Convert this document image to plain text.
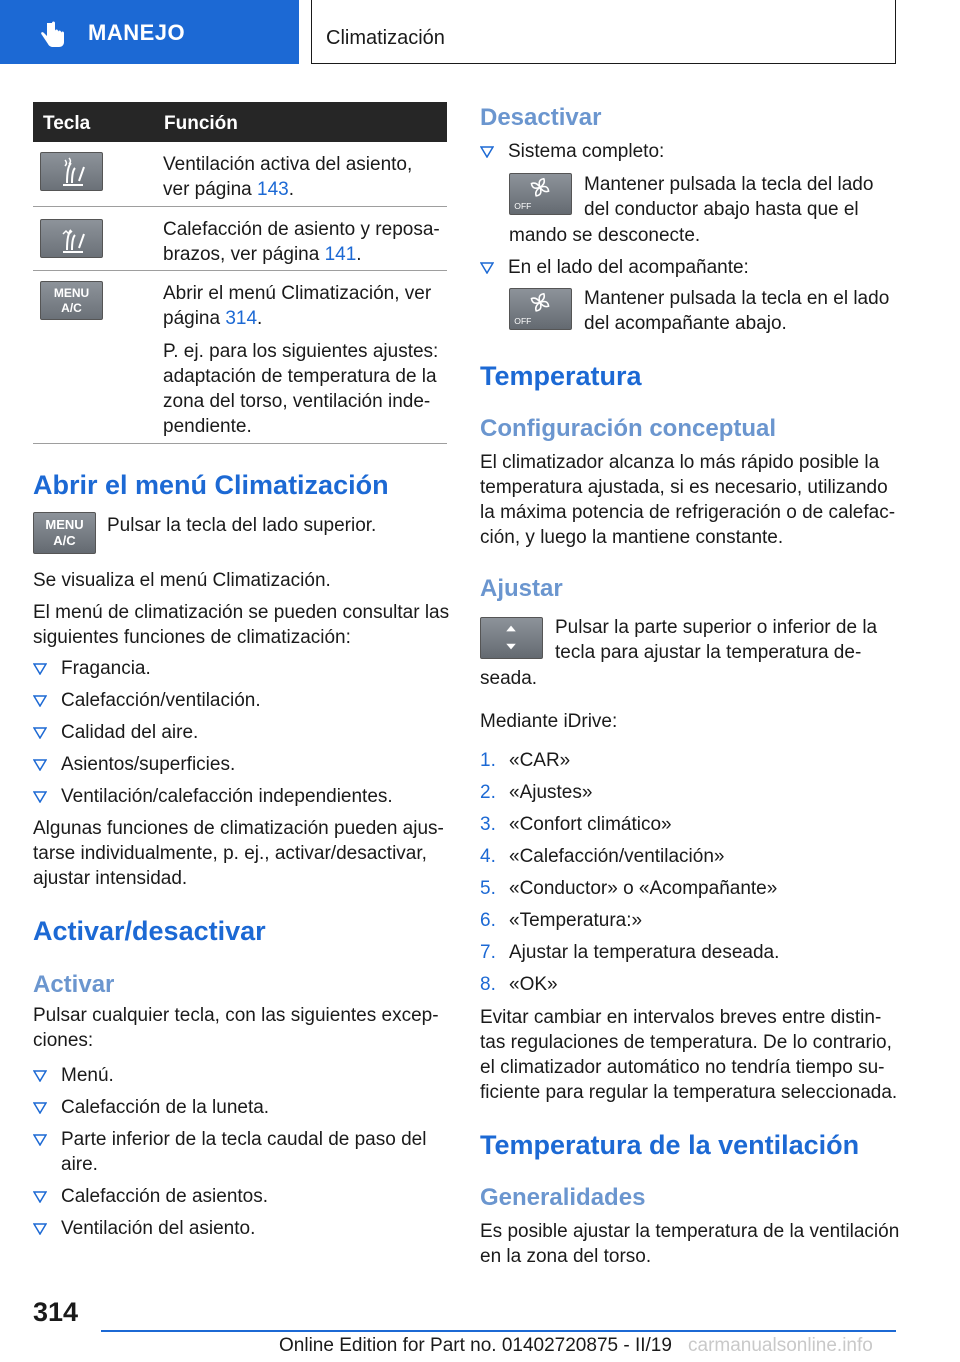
MANEJO	Climatización
Tecla	Función
Ventilación activa del asiento,
ver página 143.
Calefacción de asiento y reposa-
brazos, ver página 141.
MENU
A/C
Abrir el menú Climatización, ver
página 314.
P. ej. para los siguientes ajustes:
adaptación de temperatura de la
zona del torso, ventilación inde-
pendiente.
Abrir el menú Climatización
MENU
A/C
Pulsar la tecla del lado superior.
Se visualiza el menú Climatización.
El menú de climatización se pueden consultar las
siguientes funciones de climatización:
Fragancia.
Calefacción/ventilación.
Calidad del aire.
Asientos/superficies.
Ventilación/calefacción independientes.
Algunas funciones de climatización pueden ajus-
tarse individualmente, p. ej., activar/desactivar,
ajustar intensidad.
Activar/desactivar
Activar
Pulsar cualquier tecla, con las siguientes excep-
ciones:
Menú.
Calefacción de la luneta.
Parte inferior de la tecla caudal de paso del
aire.
Calefacción de asientos.
Ventilación del asiento.
Desactivar
Sistema completo:
OFF
Mantener pulsada la tecla del lado
del conductor abajo hasta que el
mando se desconecte.
En el lado del acompañante:
OFF
Mantener pulsada la tecla en el lado
del acompañante abajo.
Temperatura
Configuración conceptual
El climatizador alcanza lo más rápido posible la
temperatura ajustada, si es necesario, utilizando
la máxima potencia de refrigeración o de calefac-
ción, y luego la mantiene constante.
Ajustar
Pulsar la parte superior o inferior de la
tecla para ajustar la temperatura de-
seada.
Mediante iDrive:
1. «CAR»
2. «Ajustes»
3. «Confort climático»
4. «Calefacción/ventilación»
5. «Conductor» o «Acompañante»
6. «Temperatura:»
7. Ajustar la temperatura deseada.
8. «OK»
Evitar cambiar en intervalos breves entre distin-
tas regulaciones de temperatura. De lo contrario,
el climatizador automático no tendría tiempo su-
ficiente para regular la temperatura seleccionada.
Temperatura de la ventilación
Generalidades
Es posible ajustar la temperatura de la ventilación
en la zona del torso.
314
Online Edition for Part no. 01402720875 - II/19 carmanualsonline.info
